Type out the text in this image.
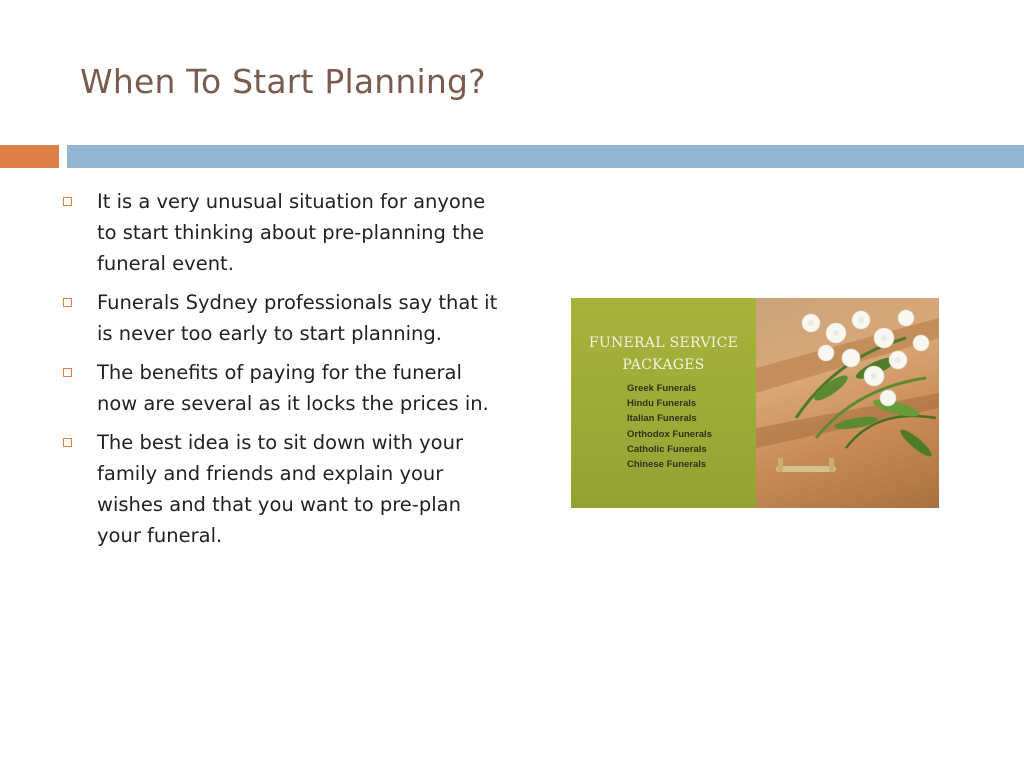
When To Start Planning?
It is a very unusual situation for anyone to start thinking about pre-planning the funeral event.
Funerals Sydney professionals say that it is never too early to start planning.
The benefits of paying for the funeral now are several as it locks the prices in.
The best idea is to sit down with your family and friends and explain your wishes and that you want to pre-plan your funeral.
FUNERAL SERVICE
PACKAGES
Greek Funerals
Hindu Funerals
Italian Funerals
Orthodox Funerals
Catholic Funerals
Chinese Funerals
